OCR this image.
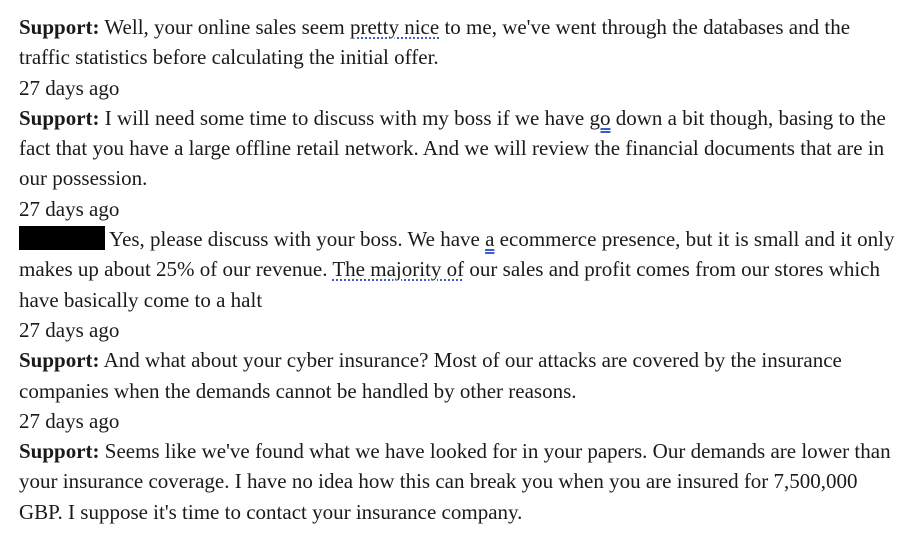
Support: Well, your online sales seem pretty nice to me, we've went through the databases and the traffic statistics before calculating the initial offer.

27 days ago

Support: I will need some time to discuss with my boss if we have go down a bit though, basing to the fact that you have a large offline retail network. And we will review the financial documents that are in our possession.

27 days ago

Yes, please discuss with your boss. We have a ecommerce presence, but it is small and it only makes up about 25% of our revenue. The majority of our sales and profit comes from our stores which have basically come to a halt

27 days ago

Support: And what about your cyber insurance? Most of our attacks are covered by the insurance companies when the demands cannot be handled by other reasons.

27 days ago

Support: Seems like we've found what we have looked for in your papers. Our demands are lower than your insurance coverage. I have no idea how this can break you when you are insured for 7,500,000 GBP. I suppose it's time to contact your insurance company.
